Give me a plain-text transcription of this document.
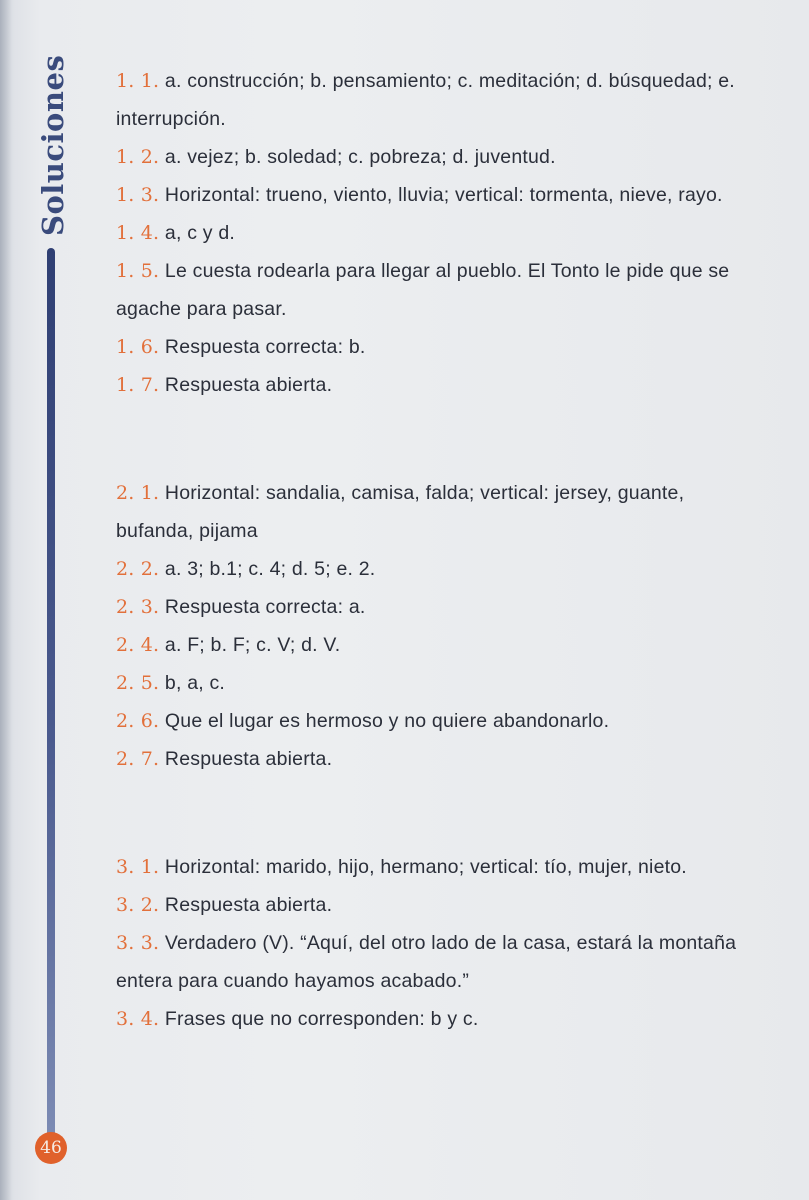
Soluciones
46

1. 1. a. construcción; b. pensamiento; c. meditación; d. búsquedad; e. interrupción.

1. 2. a. vejez; b. soledad; c. pobreza; d. juventud.

1. 3. Horizontal: trueno, viento, lluvia; vertical: tormenta, nieve, rayo.

1. 4. a, c y d.

1. 5. Le cuesta rodearla para llegar al pueblo. El Tonto le pide que se agache para pasar.

1. 6. Respuesta correcta: b.

1. 7. Respuesta abierta.

2. 1. Horizontal: sandalia, camisa, falda; vertical: jersey, guante, bufanda, pijama

2. 2. a. 3; b.1; c. 4; d. 5; e. 2.

2. 3. Respuesta correcta: a.

2. 4. a. F; b. F; c. V; d. V.

2. 5. b, a, c.

2. 6. Que el lugar es hermoso y no quiere abandonarlo.

2. 7. Respuesta abierta.

3. 1. Horizontal: marido, hijo, hermano; vertical: tío, mujer, nieto.

3. 2. Respuesta abierta.

3. 3. Verdadero (V). “Aquí, del otro lado de la casa, estará la montaña entera para cuando hayamos acabado.”

3. 4. Frases que no corresponden: b y c.
